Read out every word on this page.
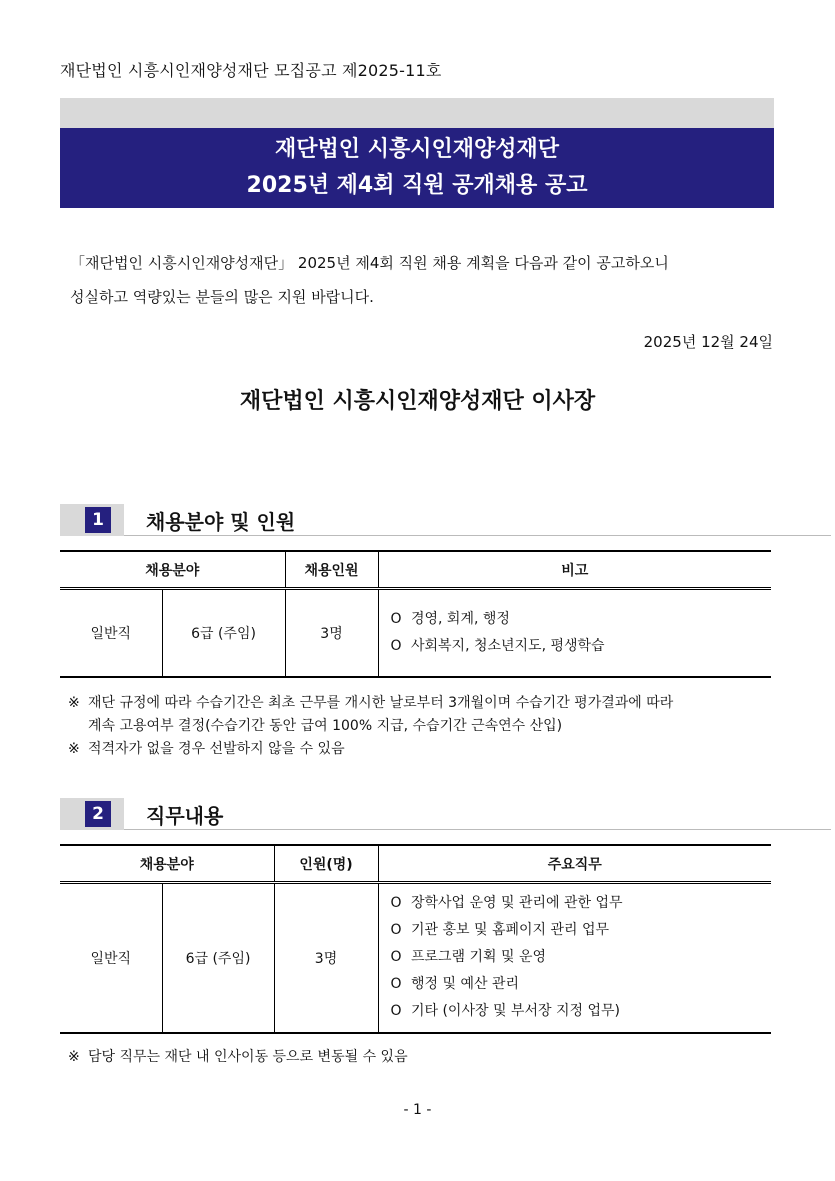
재단법인 시흥시인재양성재단 모집공고 제2025-11호
재단법인 시흥시인재양성재단
2025년 제4회 직원 공개채용 공고
「재단법인 시흥시인재양성재단」 2025년 제4회 직원 채용 계획을 다음과 같이 공고하오니
성실하고 역량있는 분들의 많은 지원 바랍니다.
2025년 12월 24일
재단법인 시흥시인재양성재단 이사장
1	채용분야 및 인원
채용분야		채용인원	비고
일반직	6급 (주임)	3명	O 경영, 회계, 행정
O 사회복지, 청소년지도, 평생학습
※ 재단 규정에 따라 수습기간은 최초 근무를 개시한 날로부터 3개월이며 수습기간 평가결과에 따라
계속 고용여부 결정(수습기간 동안 급여 100% 지급, 수습기간 근속연수 산입)
※ 적격자가 없을 경우 선발하지 않을 수 있음
2	직무내용
채용분야		인원(명)	주요직무
일반직	6급 (주임)	3명	O 장학사업 운영 및 관리에 관한 업무
O 기관 홍보 및 홈페이지 관리 업무
O 프로그램 기획 및 운영
O 행정 및 예산 관리
O 기타 (이사장 및 부서장 지정 업무)
※ 담당 직무는 재단 내 인사이동 등으로 변동될 수 있음
- 1 -
